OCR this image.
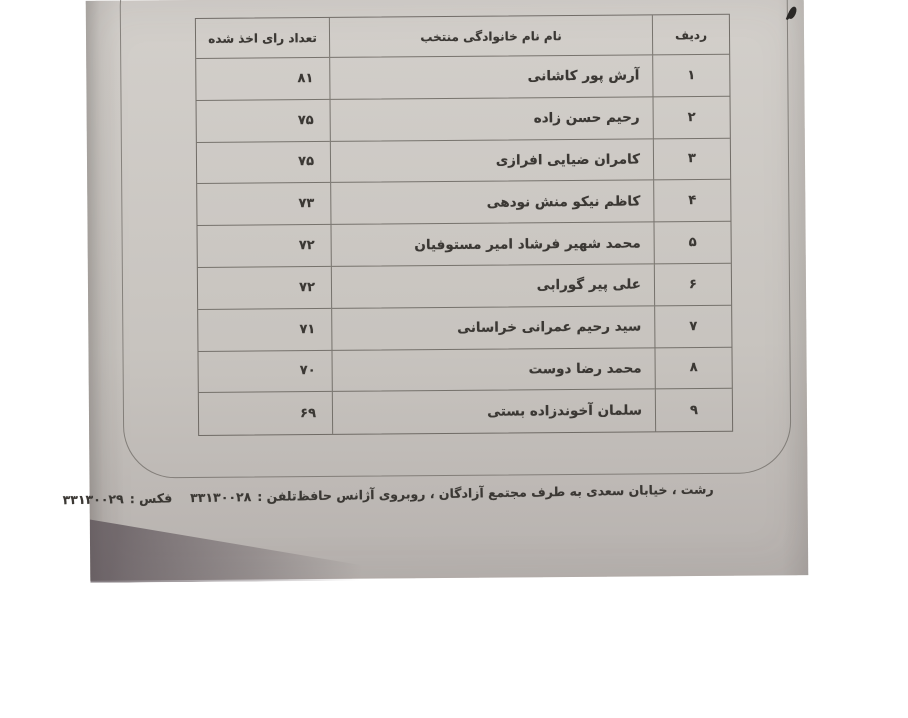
ردیف
نام نام خانوادگی منتخب
تعداد رای اخذ شده
۱
آرش پور کاشانی
۸۱
۲
رحیم حسن زاده
۷۵
۳
کامران ضیایی افرازی
۷۵
۴
کاظم نیکو منش نودهی
۷۳
۵
محمد شهیر فرشاد امیر مستوفیان
۷۲
۶
علی پیر گورابی
۷۲
۷
سید رحیم عمرانی خراسانی
۷۱
۸
محمد رضا دوست
۷۰
۹
سلمان آخوندزاده بستی
۶۹
رشت ، خیابان سعدی به طرف مجتمع آزادگان ، روبروی آژانس حافظ
تلفن :
۳۳۱۳۰۰۲۸
فکس :
۳۳۱۳۰۰۲۹
